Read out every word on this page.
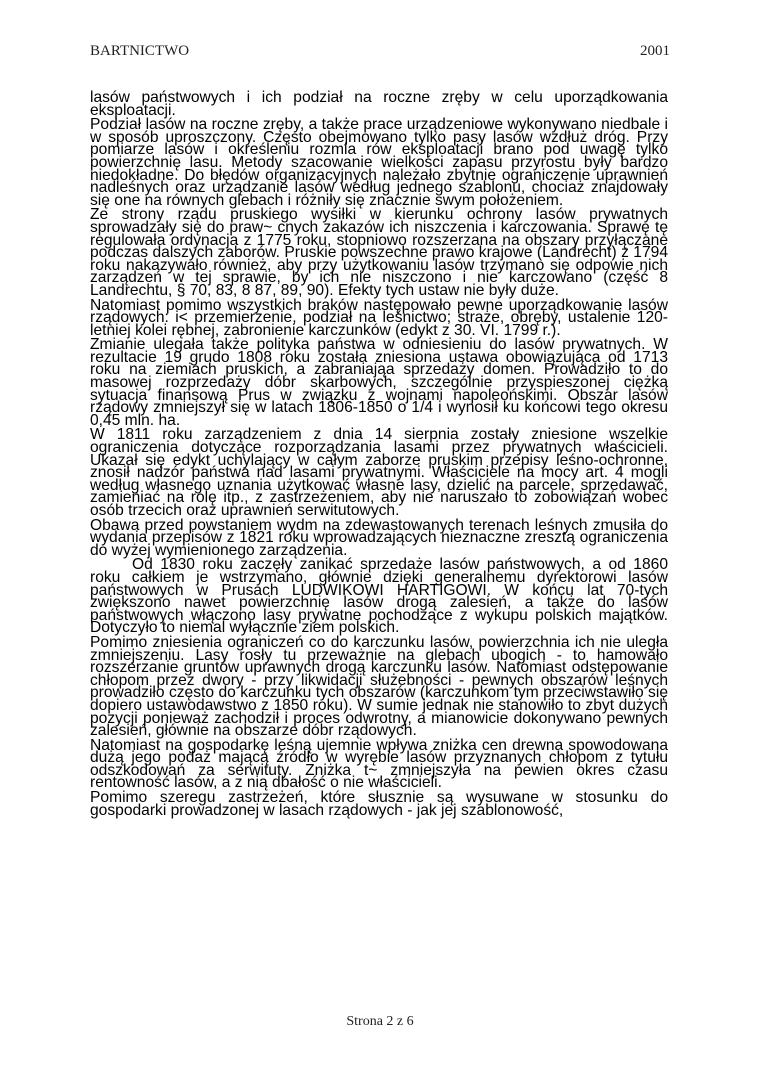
BARTNICTWO	2001

lasów państwowych i ich podział na roczne zręby w celu uporządkowania eksploatacji.

Podział lasów na roczne zręby, a także prace urządzeniowe wykonywano niedbale i w sposób uproszczony. Często obejmowano tylko pasy lasów wzdłuż dróg. Przy pomiarze lasów i określeniu rozmia rów eksploatacji brano pod uwagę tylko powierzchnię lasu. Metody szacowanie wielkości zapasu przyrostu były bardzo niedokładne. Do błędów organizacyjnych należało zbytnie ograniczenie uprawnień nadleśnych oraz urządzanie lasów według jednego szablonu, chociaż znajdowały się one na równych glebach i różniły się znacznie swym położeniem.

Ze strony rządu pruskiego wysiłki w kierunku ochrony lasów prywatnych sprowadzały się do praw~ cnych zakazów ich niszczenia i karczowania. Sprawę tę regulowała ordynacja z 1775 roku, stopniowo rozszerzana na obszary przyłączane podczas dalszych zaborów. Pruskie powszechne prawo krajowe (Landrecht) z 1794 roku nakazywało również, aby przy użytkowaniu lasów trzymano się odpowie nich zarządzeń w tej sprawie, by ich nie niszczono i nie karczowano (część 8 Landrechtu, § 70, 83, 8 87, 89, 90). Efekty tych ustaw nie były duże.

Natomiast pomimo wszystkich braków następowało pewne uporządkowanie lasów rządowych: i< przemierzenie, podział na leśnictwo; straże, obręby, ustalenie 120-letniej kolei rębnej, zabronienie karczunków (edykt z 30. VI. 1799 r.).

Zmianie ulegała także polityka państwa w odniesieniu do lasów prywatnych. W rezultacie 19 grudo 1808 roku została zniesiona ustawa obowiązująca od 1713 roku na ziemiach pruskich, a zabraniająa sprzedaży domen. Prowadziło to do masowej rozprzedaży dóbr skarbowych, szczególnie przyspieszonej ciężką sytuacja finansową Prus w związku z wojnami napoleońskimi. Obszar lasów rządowy zmniejszył się w latach 1806-1850 o 1/4 i wynosił ku końcowi tego okresu 0,45 mln. ha.

W 1811 roku zarządzeniem z dnia 14 sierpnia zostały zniesione wszelkie ograniczenia dotyczące rozporządzania lasami przez prywatnych właścicieli. Ukazał się edykt uchylający w całym zaborze pruskim przepisy leśno-ochronne, znosił nadzór państwa nad lasami prywatnymi. Właściciele na mocy art. 4 mogli według własnego uznania użytkować własne lasy, dzielić na parcele, sprzedawać, zamieniać na rolę itp., z zastrzeżeniem, aby nie naruszało to zobowiązań wobec osób trzecich oraz uprawnień serwitutowych.

Obawa przed powstaniem wydm na zdewastowanych terenach leśnych zmusiła do wydania przepisów z 1821 roku wprowadzających nieznaczne zresztą ograniczenia do wyżej wymienionego zarządzenia.

Od 1830 roku zaczęły zanikać sprzedaże lasów państwowych, a od 1860 roku całkiem je wstrzymano, głównie dzięki generalnemu dyrektorowi lasów państwowych w Prusach LUDWIKOWI HARTIGOWI. W końcu lat 70-tych zwiększono nawet powierzchnię lasów drogą zalesień, a także do lasów państwowych włączono lasy prywatne pochodzące z wykupu polskich majątków. Dotyczyło to niemal wyłącznie ziem polskich.

Pomimo zniesienia ograniczeń co do karczunku lasów, powierzchnia ich nie uległa zmniejszeniu. Lasy rosły tu przeważnie na glebach ubogich - to hamowało rozszerzanie gruntów uprawnych drogą karczunku lasów. Natomiast odstępowanie chłopom przez dwory - przy likwidacji służebności - pewnych obszarów leśnych prowadziło często do karczunku tych obszarów (karczunkom tym przeciwstawiło się dopiero ustawodawstwo z 1850 roku). W sumie jednak nie stanowiło to zbyt dużych pozycji ponieważ zachodził i proces odwrotny, a mianowicie dokonywano pewnych zalesień, głównie na obszarze dóbr rządowych.

Natomiast na gospodarkę leśną ujemnie wpływa zniżka cen drewna spowodowana dużą jego podaż mającą źródło w wyrębie lasów przyznanych chłopom z tytułu odszkodowań za serwituty. Zniżka t~ zmniejszyła na pewien okres czasu rentowność lasów, a z nią dbałość o nie właścicieli.

Pomimo szeregu zastrzeżeń, które słusznie są wysuwane w stosunku do gospodarki prowadzonej w lasach rządowych - jak jej szablonowość,

Strona 2 z 6
